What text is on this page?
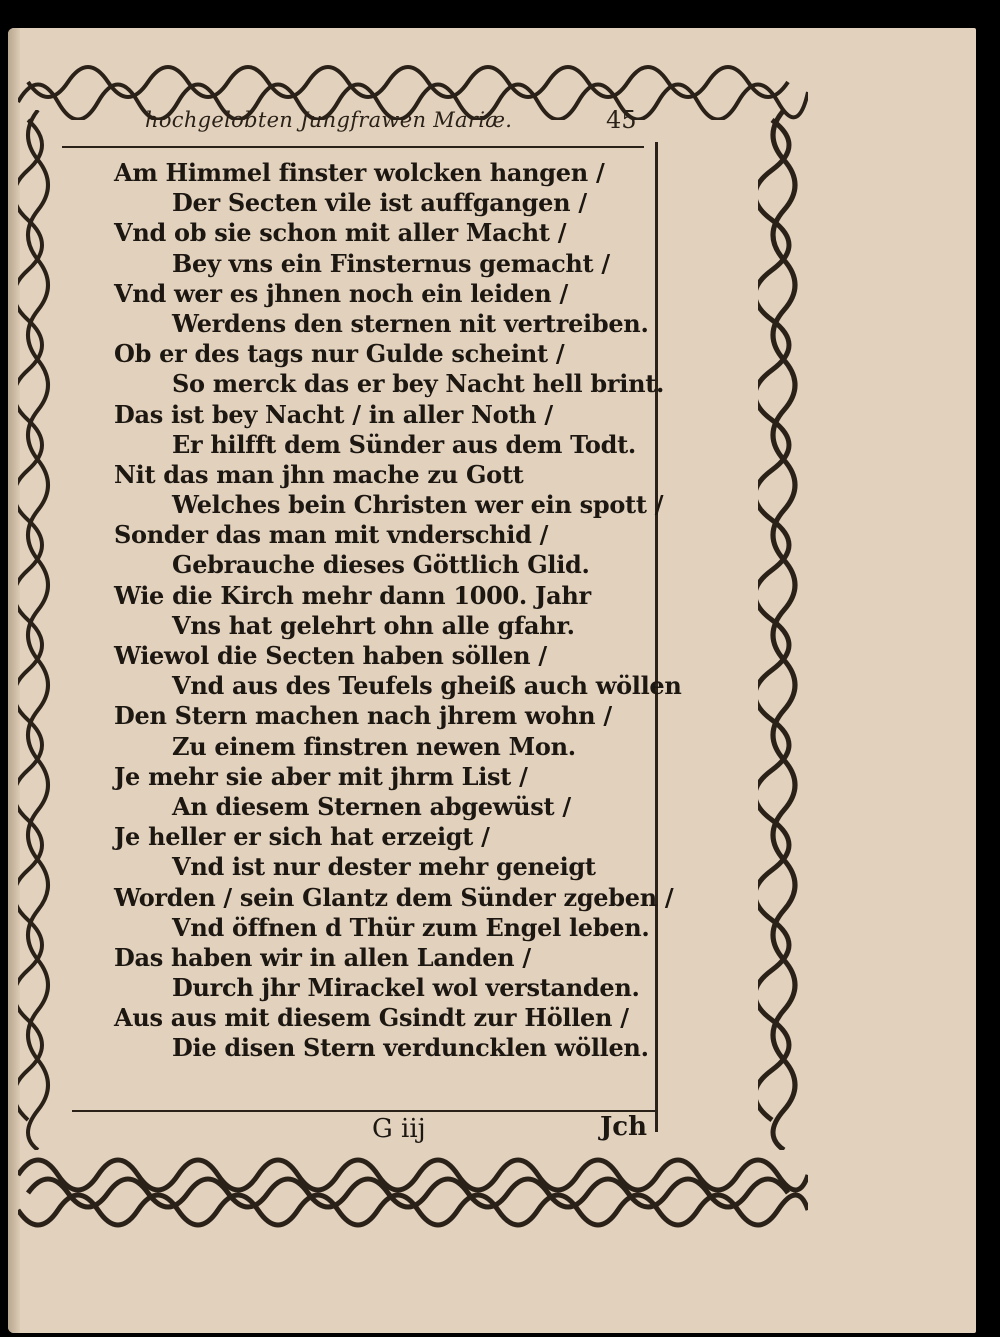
hochgelobten Jungfrawen Mariæ.	45
Am Himmel finster wolcken hangen /
Der Secten vile ist auffgangen /
Vnd ob sie schon mit aller Macht /
Bey vns ein Finsternus gemacht /
Vnd wer es jhnen noch ein leiden /
Werdens den sternen nit vertreiben.
Ob er des tags nur Gulde scheint /
So merck das er bey Nacht hell brint.
Das ist bey Nacht / in aller Noth /
Er hilfft dem Sünder aus dem Todt.
Nit das man jhn mache zu Gott
Welches bein Christen wer ein spott /
Sonder das man mit vnderschid /
Gebrauche dieses Göttlich Glid.
Wie die Kirch mehr dann 1000. Jahr
Vns hat gelehrt ohn alle gfahr.
Wiewol die Secten haben söllen /
Vnd aus des Teufels gheiß auch wöllen
Den Stern machen nach jhrem wohn /
Zu einem finstren newen Mon.
Je mehr sie aber mit jhrm List /
An diesem Sternen abgewüst /
Je heller er sich hat erzeigt /
Vnd ist nur dester mehr geneigt
Worden / sein Glantz dem Sünder zgeben /
Vnd öffnen d Thür zum Engel leben.
Das haben wir in allen Landen /
Durch jhr Mirackel wol verstanden.
Aus aus mit diesem Gsindt zur Höllen /
Die disen Stern verduncklen wöllen.
G iij	Jch
